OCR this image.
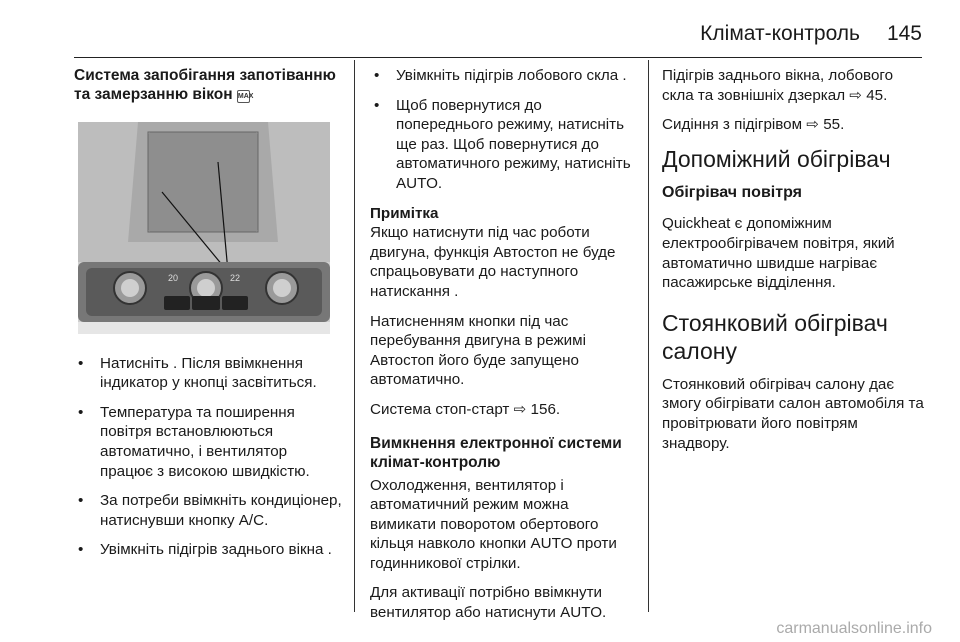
Клімат-контроль 145
Система запобігання запотіванню та замерзанню вікон MAX
20	22
• Натисніть . Після ввімкнення індикатор у кнопці засвітиться.
• Температура та поширення повітря встановлюються автоматично, і вентилятор працює з високою швидкістю.
• За потреби ввімкніть кондиціонер, натиснувши кнопку A/C.
• Увімкніть підігрів заднього вікна .
• Увімкніть підігрів лобового скла .
• Щоб повернутися до попереднього режиму, натисніть ще раз. Щоб повернутися до автоматичного режиму, натисніть AUTO.
Примітка

Якщо натиснути під час роботи двигуна, функція Автостоп не буде спрацьовувати до наступного натискання .

Натисненням кнопки під час перебування двигуна в режимі Автостоп його буде запущено автоматично.

Система стоп-старт ⇨ 156.

Вимкнення електронної системи клімат-контролю

Охолодження, вентилятор і автоматичний режим можна вимикати поворотом обертового кільця навколо кнопки AUTO проти годинникової стрілки.

Для активації потрібно ввімкнути вентилятор або натиснути AUTO.

Підігрів заднього вікна, лобового скла та зовнішніх дзеркал ⇨ 45.

Сидіння з підігрівом ⇨ 55.

Допоміжний обігрівач
Обігрівач повітря

Quickheat є допоміжним електрообігрівачем повітря, який автоматично швидше нагріває пасажирське відділення.

Стоянковий обігрівач салону

Стоянковий обігрівач салону дає змогу обігрівати салон автомобіля та провітрювати його повітрям знадвору.

carmanualsonline.info
